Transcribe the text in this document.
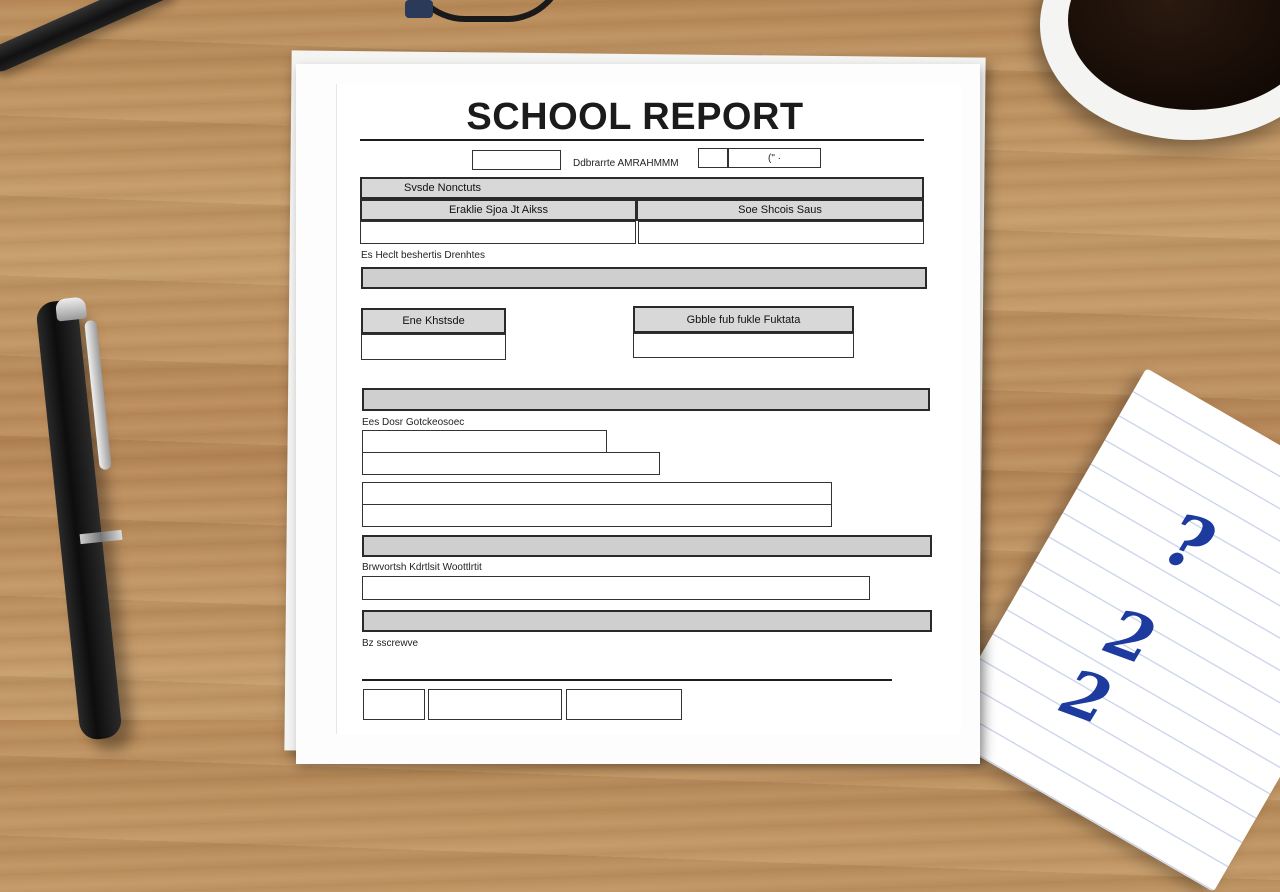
?
2
2
SCHOOL REPORT
Ddbrarrte AMRAHMMM	(" ·
Svsde Nonctuts
Eraklie Sjoa Jt Aikss	Soe Shcois Saus
Es Heclt beshertis Drenhtes
Ene Khstsde	Gbble fub fukle Fuktata
Ees Dosr Gotckeosoec
Brwvortsh Kdrtlsit Woottlrtit
Bz sscrewve
